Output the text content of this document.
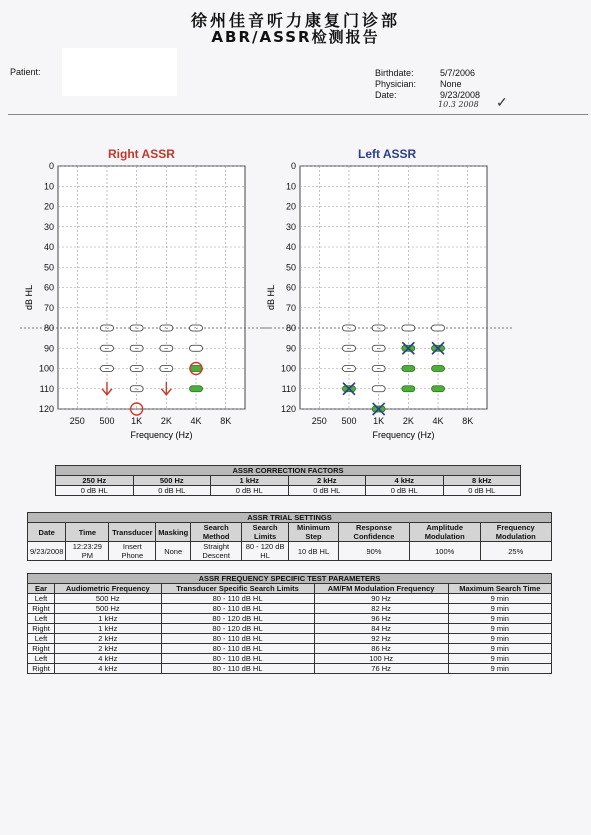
徐州佳音听力康复门诊部
ABR/ASSR检测报告
Patient:	Birthdate:	5/7/2006
Physician:	None
Date:	9/23/2008
10.3 2008 ✓
Right ASSR	Left ASSR
0
10
20
30
40
50
60
70
80
90
100
110
120
250 500 1K 2K 4K 8K
dB HL
Frequency (Hz)
~
~
~
~
~
~
~
~
~
~
~
0
10
20
30
40
50
60
70
80
90
100
110
120
250 500 1K 2K 4K 8K
dB HL
Frequency (Hz)
~
~
~
~
~
~
ASSR CORRECTION FACTORS					
250 Hz	500 Hz	1 kHz	2 kHz	4 kHz	8 kHz
0 dB HL	0 dB HL	0 dB HL	0 dB HL	0 dB HL	0 dB HL
ASSR TRIAL SETTINGS									
Date	Time	Transducer	Masking	Search Method	Search Limits	Minimum Step	Response Confidence	Amplitude Modulation	Frequency Modulation
9/23/2008	12:23:29 PM	Insert Phone	None	Straight Descent	80 - 120 dB HL	10 dB HL	90%	100%	25%
ASSR FREQUENCY SPECIFIC TEST PARAMETERS				
Ear	Audiometric Frequency	Transducer Specific Search Limits	AM/FM Modulation Frequency	Maximum Search Time
Left	500 Hz	80 - 110 dB HL	90 Hz	9 min
Right	500 Hz	80 - 110 dB HL	82 Hz	9 min
Left	1 kHz	80 - 120 dB HL	96 Hz	9 min
Right	1 kHz	80 - 120 dB HL	84 Hz	9 min
Left	2 kHz	80 - 110 dB HL	92 Hz	9 min
Right	2 kHz	80 - 110 dB HL	86 Hz	9 min
Left	4 kHz	80 - 110 dB HL	100 Hz	9 min
Right	4 kHz	80 - 110 dB HL	76 Hz	9 min
